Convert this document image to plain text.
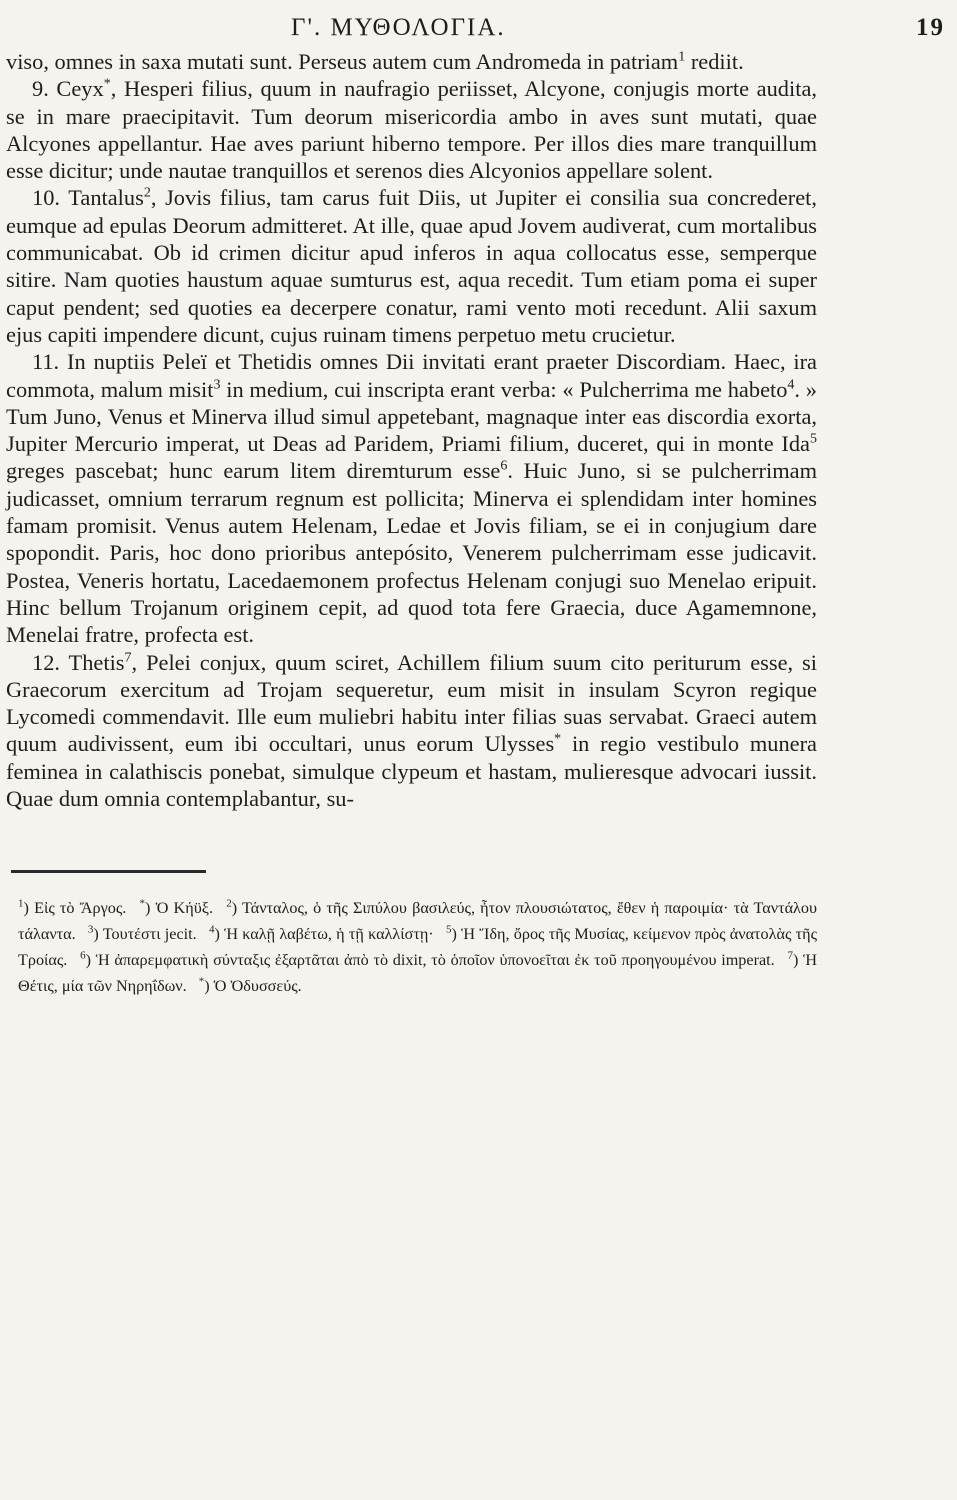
Γ'. ΜΥΘΟΛΟΓΙΑ.	19

viso, omnes in saxa mutati sunt. Perseus autem cum Andromeda in patriam$^1$ rediit.

9. Ceyx*, Hesperi filius, quum in naufragio periisset, Alcyone, conjugis morte audita, se in mare praecipitavit. Tum deorum misericordia ambo in aves sunt mutati, quae Alcyones appellantur. Hae aves pariunt hiberno tempore. Per illos dies mare tranquillum esse dicitur; unde nautae tranquillos et serenos dies Alcyonios appellare solent.

10. Tantalus$^2$, Jovis filius, tam carus fuit Diis, ut Jupiter ei consilia sua concrederet, eumque ad epulas Deorum admitteret. At ille, quae apud Jovem audiverat, cum mortalibus communicabat. Ob id crimen dicitur apud inferos in aqua collocatus esse, semperque sitire. Nam quoties haustum aquae sumturus est, aqua recedit. Tum etiam poma ei super caput pendent; sed quoties ea decerpere conatur, rami vento moti recedunt. Alii saxum ejus capiti impendere dicunt, cujus ruinam timens perpetuo metu crucietur.

11. In nuptiis Peleï et Thetidis omnes Dii invitati erant praeter Discordiam. Haec, ira commota, malum misit$^3$ in medium, cui inscripta erant verba: « Pulcherrima me habeto$^4$. » Tum Juno, Venus et Minerva illud simul appetebant, magnaque inter eas discordia exorta, Jupiter Mercurio imperat, ut Deas ad Paridem, Priami filium, duceret, qui in monte Ida$^5$ greges pascebat; hunc earum litem diremturum esse$^6$. Huic Juno, si se pulcherrimam judicasset, omnium terrarum regnum est pollicita; Minerva ei splendidam inter homines famam promisit. Venus autem Helenam, Ledae et Jovis filiam, se ei in conjugium dare spopondit. Paris, hoc dono prioribus antepósito, Venerem pulcherrimam esse judicavit. Postea, Veneris hortatu, Lacedaemonem profectus Helenam conjugi suo Menelao eripuit. Hinc bellum Trojanum originem cepit, ad quod tota fere Graecia, duce Agamemnone, Menelai fratre, profecta est.

12. Thetis$^7$, Pelei conjux, quum sciret, Achillem filium suum cito periturum esse, si Graecorum exercitum ad Trojam sequeretur, eum misit in insulam Scyron regique Lycomedi commendavit. Ille eum muliebri habitu inter filias suas servabat. Graeci autem quum audivissent, eum ibi occultari, unus eorum Ulysses* in regio vestibulo munera feminea in calathiscis ponebat, simulque clypeum et hastam, mulieresque advocari iussit. Quae dum omnia contemplabantur, su-

$^1$) Εἰς τὸ Ἄργος. *) Ὁ Κήϋξ. $^2$) Τάνταλος, ὁ τῆς Σιπύλου βασιλεύς, ἦτον πλουσιώτατος, ἔθεν ἡ παροιμία· τὰ Ταντάλου τάλαντα. $^3$) Τουτέστι jecit. $^4$) Ἡ καλῇ λαβέτω, ἡ τῇ καλλίστῃ· $^5$) Ἡ Ἴδη, ὄρος τῆς Μυσίας, κείμενον πρὸς ἀνατολὰς τῆς Τροίας. $^6$) Ἡ ἀπαρεμφατικὴ σύνταξις ἐξαρτᾶται ἀπὸ τὸ dixit, τὸ ὁποῖον ὑπονοεῖται ἐκ τοῦ προηγουμένου imperat. $^7$) Ἡ Θέτις, μία τῶν Νηρηΐδων. *) Ὁ Ὀδυσσεύς.
